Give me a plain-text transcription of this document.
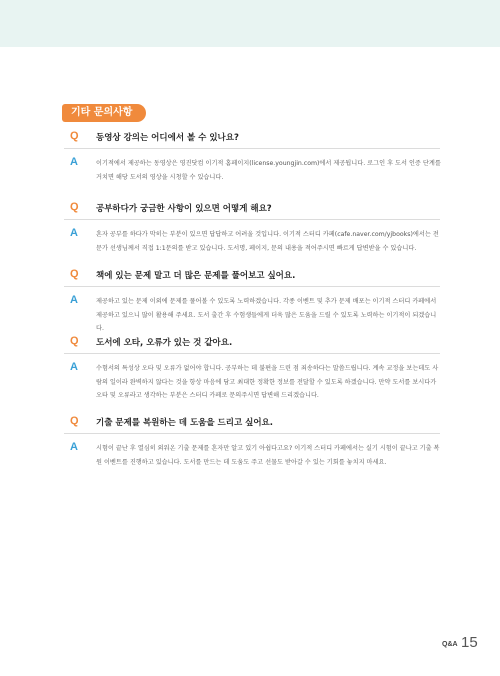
기타 문의사항
Q 동영상 강의는 어디에서 볼 수 있나요?
A	이기적에서 제공하는 동영상은 영진닷컴 이기적 홈페이지(license.youngjin.com)에서 제공됩니다. 로그인 후 도서 인증 단계를 거치면 해당 도서의 영상을 시청할 수 있습니다.
Q 공부하다가 궁금한 사항이 있으면 어떻게 해요?
A	혼자 공부를 하다가 막히는 부분이 있으면 답답하고 어려울 것입니다. 이기적 스터디 카페(cafe.naver.com/yjbooks)에서는 전문가 선생님께서 직접 1:1문의를 받고 있습니다. 도서명, 페이지, 문의 내용을 적어주시면 빠르게 답변받을 수 있습니다.
Q 책에 있는 문제 말고 더 많은 문제를 풀어보고 싶어요.
A	제공하고 있는 문제 이외에 문제를 풀어볼 수 있도록 노력하겠습니다. 각종 이벤트 및 추가 문제 배포는 이기적 스터디 카페에서 제공하고 있으니 많이 활용해 주세요. 도서 출간 후 수험생들에게 더욱 많은 도움을 드릴 수 있도록 노력하는 이기적이 되겠습니다.
Q 도서에 오타, 오류가 있는 것 같아요.
A	수험서의 특성상 오타 및 오류가 없어야 합니다. 공부하는 데 불편을 드린 점 죄송하다는 말씀드립니다. 계속 교정을 보는데도 사람의 일이라 완벽하지 않다는 것을 항상 마음에 담고 최대한 정확한 정보를 전달할 수 있도록 하겠습니다. 만약 도서를 보시다가 오타 및 오류라고 생각하는 부분은 스터디 카페로 문의주시면 답변해 드리겠습니다.
Q 기출 문제를 복원하는 데 도움을 드리고 싶어요.
A	시험이 끝난 후 열심히 외워온 기출 문제를 혼자만 알고 있기 아쉽다고요? 이기적 스터디 카페에서는 실기 시험이 끝나고 기출 복원 이벤트를 진행하고 있습니다. 도서를 만드는 데 도움도 주고 선물도 받아갈 수 있는 기회를 놓치지 마세요.
Q&A 15
